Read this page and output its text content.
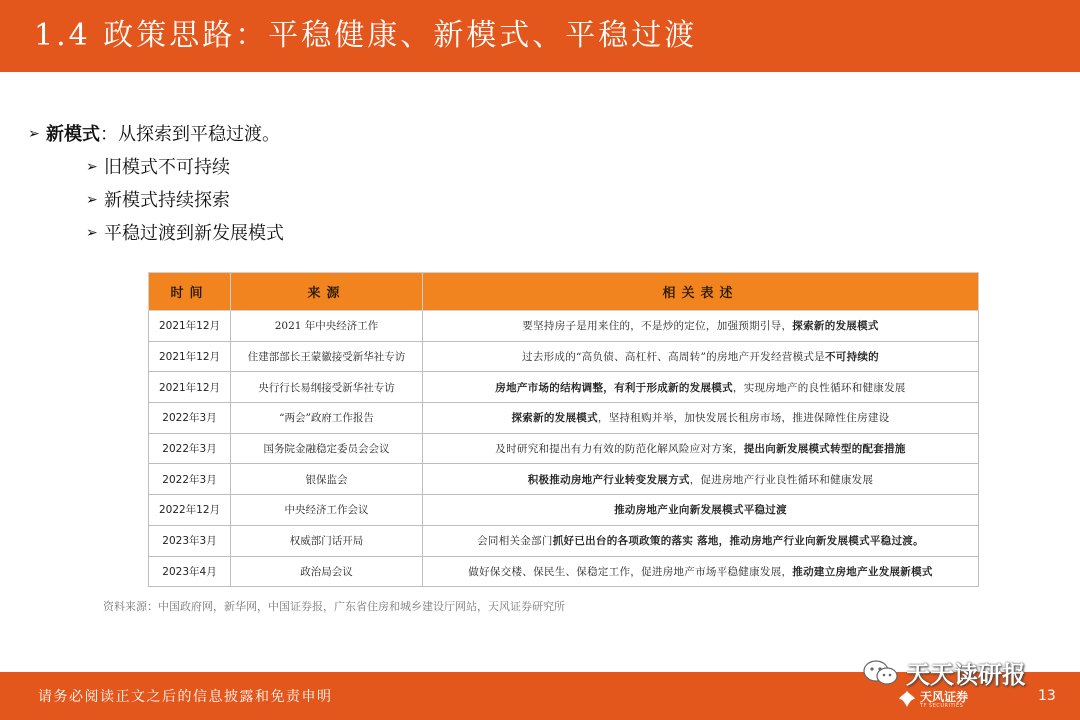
1.4 政策思路：平稳健康、新模式、平稳过渡
➢ 新模式：从探索到平稳过渡。
➢ 旧模式不可持续
➢ 新模式持续探索
➢ 平稳过渡到新发展模式
时间	来源	相关表述
2021年12月	2021 年中央经济工作	要坚持房子是用来住的，不是炒的定位，加强预期引导，探索新的发展模式
2021年12月	住建部部长王蒙徽接受新华社专访	过去形成的“高负债、高杠杆、高周转”的房地产开发经营模式是不可持续的
2021年12月	央行行长易纲接受新华社专访	房地产市场的结构调整，有利于形成新的发展模式，实现房地产的良性循环和健康发展
2022年3月	“两会”政府工作报告	探索新的发展模式，坚持租购并举，加快发展长租房市场，推进保障性住房建设
2022年3月	国务院金融稳定委员会会议	及时研究和提出有力有效的防范化解风险应对方案，提出向新发展模式转型的配套措施
2022年3月	银保监会	积极推动房地产行业转变发展方式，促进房地产行业良性循环和健康发展
2022年12月	中央经济工作会议	推动房地产业向新发展模式平稳过渡
2023年3月	权威部门话开局	会同相关金部门抓好已出台的各项政策的落实 落地，推动房地产行业向新发展模式平稳过渡。
2023年4月	政治局会议	做好保交楼、保民生、保稳定工作，促进房地产市场平稳健康发展，推动建立房地产业发展新模式
资料来源：中国政府网，新华网，中国证券报，广东省住房和城乡建设厅网站，天风证券研究所
请务必阅读正文之后的信息披露和免责申明
天天读研报
天风证券
TF SECURITIES
13
